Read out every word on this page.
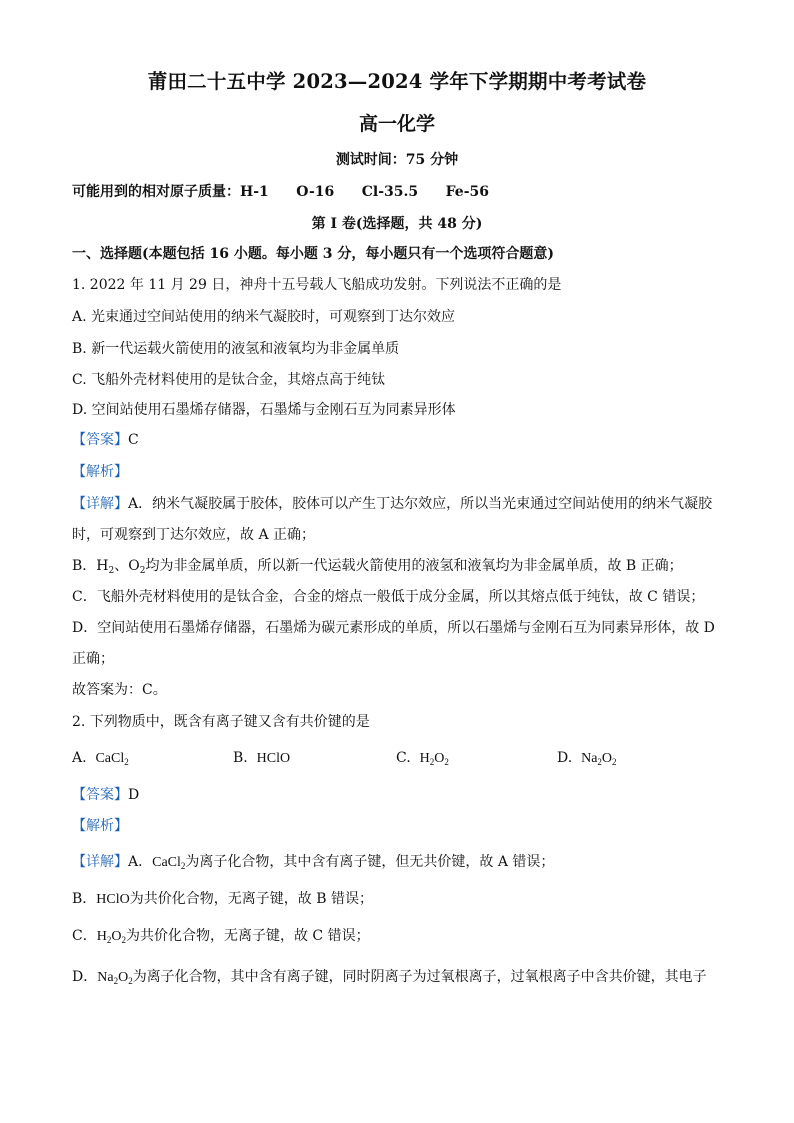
莆田二十五中学 2023—2024 学年下学期期中考考试卷
高一化学
测试时间：75 分钟
可能用到的相对原子质量：H-1    O-16    Cl-35.5    Fe-56
第 I 卷(选择题，共 48 分)
一、选择题(本题包括 16 小题。每小题 3 分，每小题只有一个选项符合题意)
1. 2022 年 11 月 29 日，神舟十五号载人飞船成功发射。下列说法不正确的是
A. 光束通过空间站使用的纳米气凝胶时，可观察到丁达尔效应
B. 新一代运载火箭使用的液氢和液氧均为非金属单质
C. 飞船外壳材料使用的是钛合金，其熔点高于纯钛
D. 空间站使用石墨烯存储器，石墨烯与金刚石互为同素异形体
【答案】C
【解析】
【详解】A．纳米气凝胶属于胶体，胶体可以产生丁达尔效应，所以当光束通过空间站使用的纳米气凝胶
时，可观察到丁达尔效应，故 A 正确；
B．$H_2$、$O_2$均为非金属单质，所以新一代运载火箭使用的液氢和液氧均为非金属单质，故 B 正确；
C．飞船外壳材料使用的是钛合金，合金的熔点一般低于成分金属，所以其熔点低于纯钛，故 C 错误；
D．空间站使用石墨烯存储器，石墨烯为碳元素形成的单质，所以石墨烯与金刚石互为同素异形体，故 D
正确；
故答案为：C。
2. 下列物质中，既含有离子键又含有共价键的是
A. CaCl$_2$	B. HClO	C. $H_2O_2$	D. $Na_2O_2$
【答案】D
【解析】
【详解】A．CaCl$_2$为离子化合物，其中含有离子键，但无共价键，故 A 错误；
B．HClO为共价化合物，无离子键，故 B 错误；
C．$H_2O_2$为共价化合物，无离子键，故 C 错误；
D．$Na_2O_2$为离子化合物，其中含有离子键，同时阴离子为过氧根离子，过氧根离子中含共价键，其电子
